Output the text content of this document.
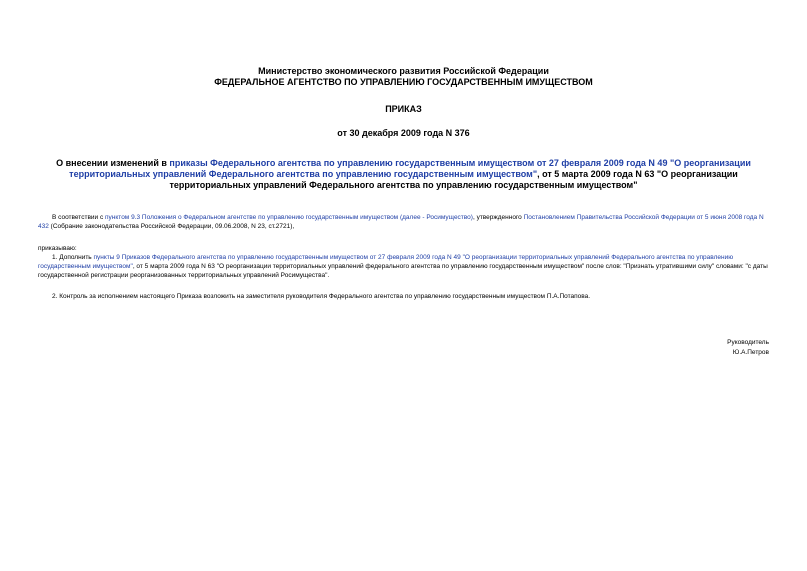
Министерство экономического развития Российской Федерации
ФЕДЕРАЛЬНОЕ АГЕНТСТВО ПО УПРАВЛЕНИЮ ГОСУДАРСТВЕННЫМ ИМУЩЕСТВОМ
ПРИКАЗ
от 30 декабря 2009 года N 376
О внесении изменений в приказы Федерального агентства по управлению государственным имуществом от 27 февраля 2009 года N 49 "О реорганизации территориальных управлений Федерального агентства по управлению государственным имуществом", от 5 марта 2009 года N 63 "О реорганизации территориальных управлений Федерального агентства по управлению государственным имуществом"

В соответствии с пунктом 9.3 Положения о Федеральном агентстве по управлению государственным имуществом (далее - Росимущество), утвержденного Постановлением Правительства Российской Федерации от 5 июня 2008 года N 432 (Собрание законодательства Российской Федерации, 09.06.2008, N 23, ст.2721),

приказываю:

1. Дополнить пункты 9 Приказов Федерального агентства по управлению государственным имуществом от 27 февраля 2009 года N 49 "О реорганизации территориальных управлений Федерального агентства по управлению государственным имуществом", от 5 марта 2009 года N 63 "О реорганизации территориальных управлений федерального агентства по управлению государственным имуществом" после слов: "Признать утратившими силу" словами: "с даты государственной регистрации реорганизованных территориальных управлений Росимущества".

2. Контроль за исполнением настоящего Приказа возложить на заместителя руководителя Федерального агентства по управлению государственным имуществом П.А.Потапова.

Руководитель
Ю.А.Петров
